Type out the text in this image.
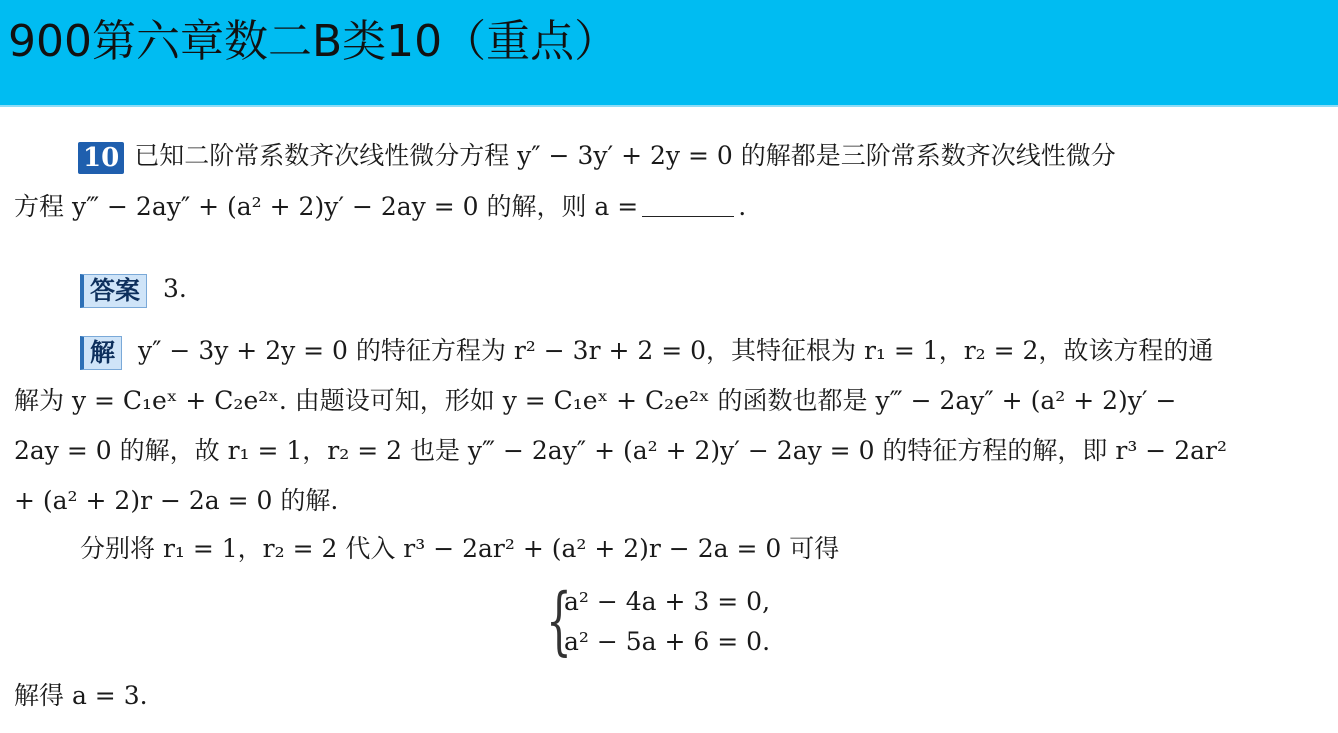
900第六章数二B类10（重点）
10 已知二阶常系数齐次线性微分方程 y″ − 3y′ + 2y = 0 的解都是三阶常系数齐次线性微分
方程 y‴ − 2ay″ + (a² + 2)y′ − 2ay = 0 的解，则 a =	.
答案 3.
解 y″ − 3y + 2y = 0 的特征方程为 r² − 3r + 2 = 0，其特征根为 r₁ = 1，r₂ = 2，故该方程的通
解为 y = C₁eˣ + C₂e²ˣ. 由题设可知，形如 y = C₁eˣ + C₂e²ˣ 的函数也都是 y‴ − 2ay″ + (a² + 2)y′ −
2ay = 0 的解，故 r₁ = 1，r₂ = 2 也是 y‴ − 2ay″ + (a² + 2)y′ − 2ay = 0 的特征方程的解，即 r³ − 2ar²
+ (a² + 2)r − 2a = 0 的解.
分别将 r₁ = 1，r₂ = 2 代入 r³ − 2ar² + (a² + 2)r − 2a = 0 可得
{
a² − 4a + 3 = 0,
a² − 5a + 6 = 0.
解得 a = 3.
